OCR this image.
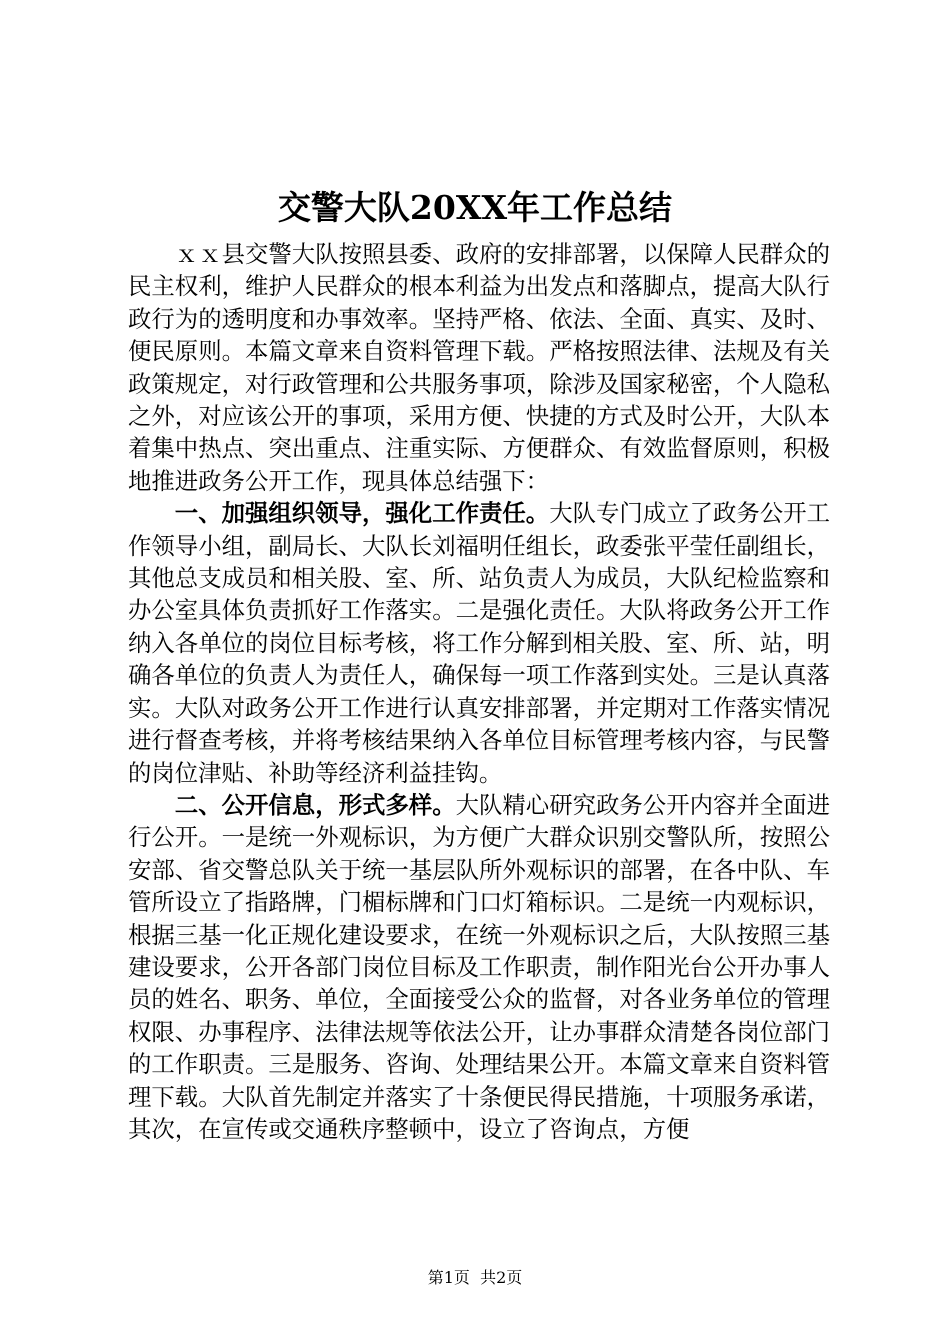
交警大队20XX年工作总结

ｘｘ县交警大队按照县委、政府的安排部署，以保障人民群众的民主权利，维护人民群众的根本利益为出发点和落脚点，提高大队行政行为的透明度和办事效率。坚持严格、依法、全面、真实、及时、便民原则。本篇文章来自资料管理下载。严格按照法律、法规及有关政策规定，对行政管理和公共服务事项，除涉及国家秘密，个人隐私之外，对应该公开的事项，采用方便、快捷的方式及时公开，大队本着集中热点、突出重点、注重实际、方便群众、有效监督原则，积极地推进政务公开工作，现具体总结强下：

一、加强组织领导，强化工作责任。大队专门成立了政务公开工作领导小组，副局长、大队长刘福明任组长，政委张平莹任副组长，其他总支成员和相关股、室、所、站负责人为成员，大队纪检监察和办公室具体负责抓好工作落实。二是强化责任。大队将政务公开工作纳入各单位的岗位目标考核，将工作分解到相关股、室、所、站，明确各单位的负责人为责任人，确保每一项工作落到实处。三是认真落实。大队对政务公开工作进行认真安排部署，并定期对工作落实情况进行督查考核，并将考核结果纳入各单位目标管理考核内容，与民警的岗位津贴、补助等经济利益挂钩。

二、公开信息，形式多样。大队精心研究政务公开内容并全面进行公开。一是统一外观标识，为方便广大群众识别交警队所，按照公安部、省交警总队关于统一基层队所外观标识的部署，在各中队、车管所设立了指路牌，门楣标牌和门口灯箱标识。二是统一内观标识，根据三基一化正规化建设要求，在统一外观标识之后，大队按照三基建设要求，公开各部门岗位目标及工作职责，制作阳光台公开办事人员的姓名、职务、单位，全面接受公众的监督，对各业务单位的管理权限、办事程序、法律法规等依法公开，让办事群众清楚各岗位部门的工作职责。三是服务、咨询、处理结果公开。本篇文章来自资料管理下载。大队首先制定并落实了十条便民得民措施，十项服务承诺，其次，在宣传或交通秩序整顿中，设立了咨询点，方便

第1页 共2页
